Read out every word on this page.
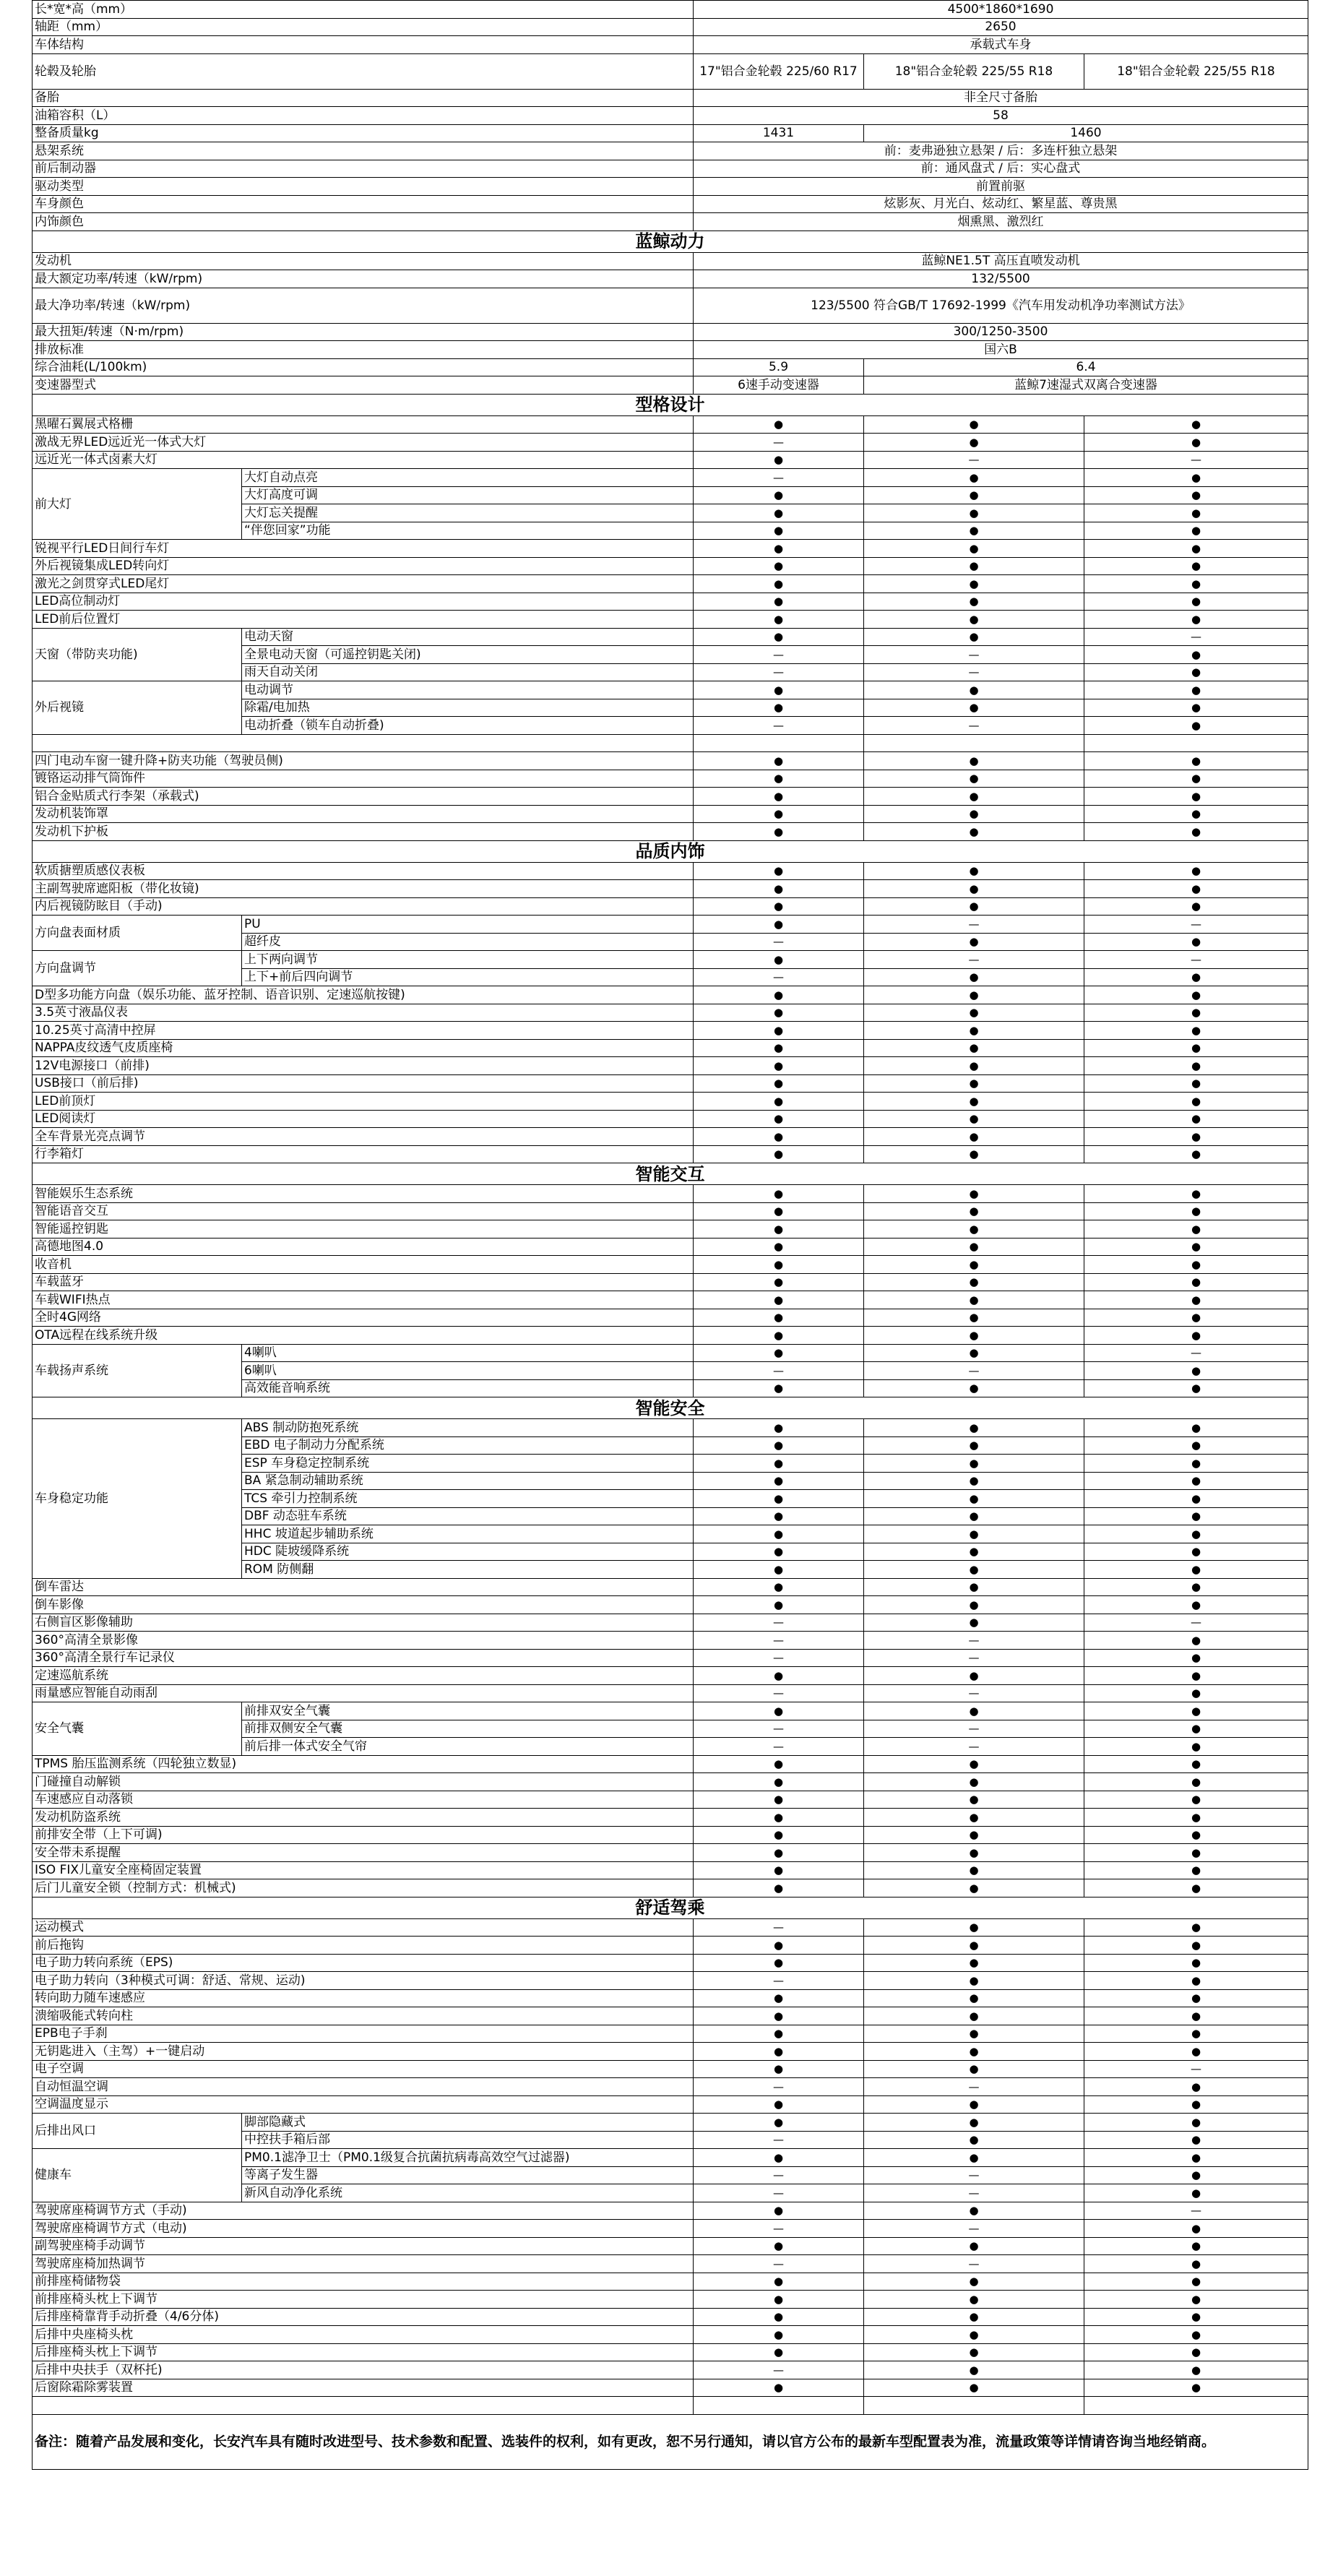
长*宽*高（mm）		4500*1860*1690		
轴距（mm）		2650		
车体结构		承载式车身		
轮毂及轮胎		17"铝合金轮毂 225/60 R17	18"铝合金轮毂 225/55 R18	18"铝合金轮毂 225/55 R18
备胎		非全尺寸备胎		
油箱容积（L）		58		
整备质量kg		1431	1460	
悬架系统		前：麦弗逊独立悬架 / 后：多连杆独立悬架		
前后制动器		前：通风盘式 / 后：实心盘式		
驱动类型		前置前驱		
车身颜色		炫影灰、月光白、炫动红、繁星蓝、尊贵黑		
内饰颜色		烟熏黑、激烈红		
蓝鲸动力				
发动机		蓝鲸NE1.5T 高压直喷发动机		
最大额定功率/转速（kW/rpm)		132/5500		
最大净功率/转速（kW/rpm)		123/5500 符合GB/T 17692-1999《汽车用发动机净功率测试方法》		
最大扭矩/转速（N·m/rpm)		300/1250-3500		
排放标准		国六B		
综合油耗(L/100km)		5.9	6.4	
变速器型式		6速手动变速器	蓝鲸7速湿式双离合变速器	
型格设计				
黑曜石翼展式格栅		●	●	●
激战无界LED远近光一体式大灯		—	●	●
远近光一体式卤素大灯		●	—	—
前大灯	大灯自动点亮	—	●	●
	大灯高度可调	●	●	●
	大灯忘关提醒	●	●	●
	“伴您回家”功能	●	●	●
锐视平行LED日间行车灯		●	●	●
外后视镜集成LED转向灯		●	●	●
激光之剑贯穿式LED尾灯		●	●	●
LED高位制动灯		●	●	●
LED前后位置灯		●	●	●
天窗（带防夹功能)	电动天窗	●	●	—
	全景电动天窗（可遥控钥匙关闭)	—	—	●
	雨天自动关闭	—	—	●
外后视镜	电动调节	●	●	●
	除霜/电加热	●	●	●
	电动折叠（锁车自动折叠)	—	—	●

四门电动车窗一键升降+防夹功能（驾驶员侧)		●	●	●
镀铬运动排气筒饰件		●	●	●
铝合金贴质式行李架（承载式)		●	●	●
发动机装饰罩		●	●	●
发动机下护板		●	●	●
品质内饰				
软质搪塑质感仪表板		●	●	●
主副驾驶席遮阳板（带化妆镜)		●	●	●
内后视镜防眩目（手动)		●	●	●
方向盘表面材质	PU	●	—	—
	超纤皮	—	●	●
方向盘调节	上下两向调节	●	—	—
	上下+前后四向调节	—	●	●
D型多功能方向盘（娱乐功能、蓝牙控制、语音识别、定速巡航按键)		●	●	●
3.5英寸液晶仪表		●	●	●
10.25英寸高清中控屏		●	●	●
NAPPA皮纹透气皮质座椅		●	●	●
12V电源接口（前排)		●	●	●
USB接口（前后排)		●	●	●
LED前顶灯		●	●	●
LED阅读灯		●	●	●
全车背景光亮点调节		●	●	●
行李箱灯		●	●	●
智能交互				
智能娱乐生态系统		●	●	●
智能语音交互		●	●	●
智能遥控钥匙		●	●	●
高德地图4.0		●	●	●
收音机		●	●	●
车载蓝牙		●	●	●
车载WIFI热点		●	●	●
全时4G网络		●	●	●
OTA远程在线系统升级		●	●	●
车载扬声系统	4喇叭	●	●	—
	6喇叭	—	—	●
	高效能音响系统	●	●	●
智能安全				
车身稳定功能	ABS 制动防抱死系统	●	●	●
	EBD 电子制动力分配系统	●	●	●
	ESP 车身稳定控制系统	●	●	●
	BA 紧急制动辅助系统	●	●	●
	TCS 牵引力控制系统	●	●	●
	DBF 动态驻车系统	●	●	●
	HHC 坡道起步辅助系统	●	●	●
	HDC 陡坡缓降系统	●	●	●
	ROM 防侧翻	●	●	●
倒车雷达		●	●	●
倒车影像		●	●	●
右侧盲区影像辅助		—	●	—
360°高清全景影像		—	—	●
360°高清全景行车记录仪		—	—	●
定速巡航系统		●	●	●
雨量感应智能自动雨刮		—	—	●
安全气囊	前排双安全气囊	●	●	●
	前排双侧安全气囊	—	—	●
	前后排一体式安全气帘	—	—	●
TPMS 胎压监测系统（四轮独立数显)		●	●	●
门碰撞自动解锁		●	●	●
车速感应自动落锁		●	●	●
发动机防盗系统		●	●	●
前排安全带（上下可调)		●	●	●
安全带未系提醒		●	●	●
ISO FIX儿童安全座椅固定装置		●	●	●
后门儿童安全锁（控制方式：机械式)		●	●	●
舒适驾乘				
运动模式		—	●	●
前后拖钩		●	●	●
电子助力转向系统（EPS)		●	●	●
电子助力转向（3种模式可调：舒适、常规、运动)		—	●	●
转向助力随车速感应		●	●	●
溃缩吸能式转向柱		●	●	●
EPB电子手刹		●	●	●
无钥匙进入（主驾）+一键启动		●	●	●
电子空调		●	●	—
自动恒温空调		—	—	●
空调温度显示		●	●	●
后排出风口	脚部隐藏式	●	●	●
	中控扶手箱后部	—	●	●
健康车	PM0.1滤净卫士（PM0.1级复合抗菌抗病毒高效空气过滤器)	●	●	●
	等离子发生器	—	—	●
	新风自动净化系统	—	—	●
驾驶席座椅调节方式（手动)		●	●	—
驾驶席座椅调节方式（电动)		—	—	●
副驾驶座椅手动调节		●	●	●
驾驶席座椅加热调节		—	—	●
前排座椅储物袋		●	●	●
前排座椅头枕上下调节		●	●	●
后排座椅靠背手动折叠（4/6分体)		●	●	●
后排中央座椅头枕		●	●	●
后排座椅头枕上下调节		●	●	●
后排中央扶手（双杯托)		—	●	●
后窗除霜除雾装置		●	●	●

备注：随着产品发展和变化，长安汽车具有随时改进型号、技术参数和配置、选装件的权利，如有更改，恕不另行通知，请以官方公布的最新车型配置表为准，流量政策等详情请咨询当地经销商。				
